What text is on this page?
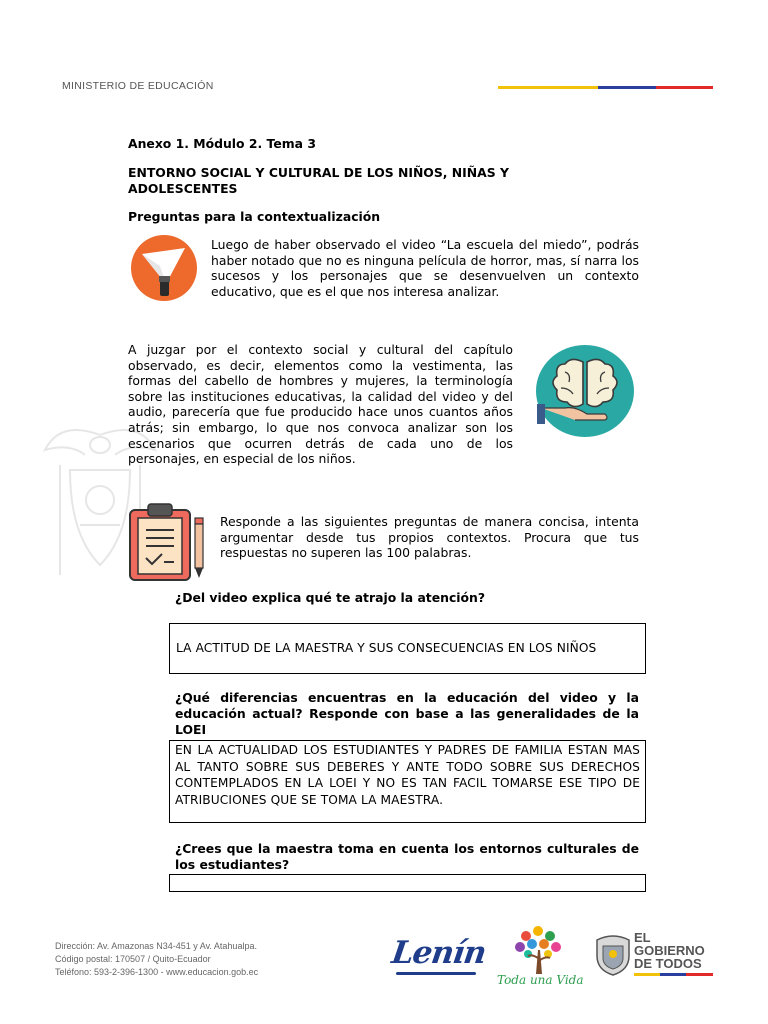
MINISTERIO DE EDUCACIÓN
Anexo 1. Módulo 2. Tema 3
ENTORNO SOCIAL Y CULTURAL DE LOS NIÑOS, NIÑAS Y ADOLESCENTES
Preguntas para la contextualización
Luego de haber observado el video “La escuela del miedo”, podrás haber notado que no es ninguna película de horror, mas, sí narra los sucesos y los personajes que se desenvuelven un contexto educativo, que es el que nos interesa analizar.
A juzgar por el contexto social y cultural del capítulo observado, es decir, elementos como la vestimenta, las formas del cabello de hombres y mujeres, la terminología sobre las instituciones educativas, la calidad del video y del audio, parecería que fue producido hace unos cuantos años atrás; sin embargo, lo que nos convoca analizar son los escenarios que ocurren detrás de cada uno de los personajes, en especial de los niños.
Responde a las siguientes preguntas de manera concisa, intenta argumentar desde tus propios contextos. Procura que tus respuestas no superen las 100 palabras.
¿Del video explica qué te atrajo la atención?
LA ACTITUD DE LA MAESTRA Y SUS CONSECUENCIAS EN LOS NIÑOS
¿Qué diferencias encuentras en la educación del video y la educación actual? Responde con base a las generalidades de la LOEI
EN LA ACTUALIDAD LOS ESTUDIANTES Y PADRES DE FAMILIA ESTAN MAS AL TANTO SOBRE SUS DEBERES Y ANTE TODO SOBRE SUS DERECHOS CONTEMPLADOS EN LA LOEI Y NO ES TAN FACIL TOMARSE ESE TIPO DE ATRIBUCIONES QUE SE TOMA LA MAESTRA.
¿Crees que la maestra toma en cuenta los entornos culturales de los estudiantes?
Dirección: Av. Amazonas N34-451 y Av. Atahualpa.
Código postal: 170507 / Quito-Ecuador
Teléfono: 593-2-396-1300 - www.educacion.gob.ec
Lenín
Toda una Vida
EL
GOBIERNO
DE TODOS
